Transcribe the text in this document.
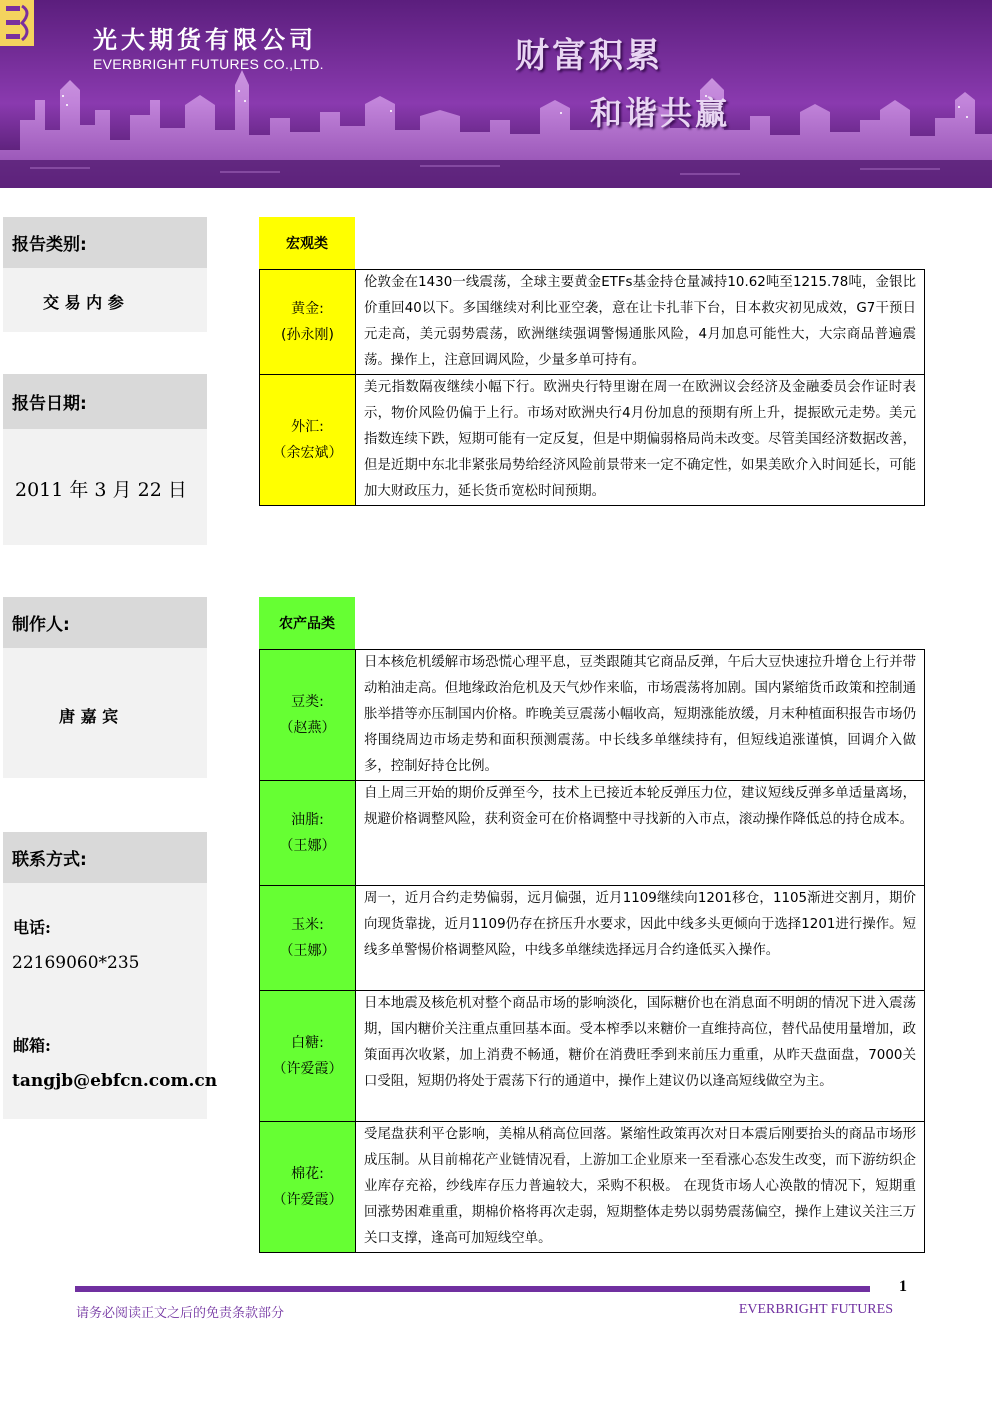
光大期货有限公司
EVERBRIGHT FUTURES CO.,LTD.	财富积累
和谐共赢
报告类别:
交 易 内 参
报告日期:
2011 年 3 月 22 日
制作人:
唐 嘉 宾
联系方式:
电话:
22169060*235
邮箱:
tangjb@ebfcn.com.cn
宏观类
黄金:
(孙永刚)	伦敦金在1430一线震荡，全球主要黄金ETFs基金持仓量减持10.62吨至1215.78吨，金银比价重回40以下。多国继续对利比亚空袭，意在让卡扎菲下台，日本救灾初见成效，G7干预日元走高，美元弱势震荡，欧洲继续强调警惕通胀风险，4月加息可能性大，大宗商品普遍震荡。操作上，注意回调风险，少量多单可持有。

外汇:
（余宏斌）	美元指数隔夜继续小幅下行。欧洲央行特里谢在周一在欧洲议会经济及金融委员会作证时表示，物价风险仍偏于上行。市场对欧洲央行4月份加息的预期有所上升，提振欧元走势。美元指数连续下跌，短期可能有一定反复，但是中期偏弱格局尚未改变。尽管美国经济数据改善，但是近期中东北非紧张局势给经济风险前景带来一定不确定性，如果美欧介入时间延长，可能加大财政压力，延长货币宽松时间预期。
农产品类
豆类:
（赵燕）	日本核危机缓解市场恐慌心理平息，豆类跟随其它商品反弹，午后大豆快速拉升增仓上行并带动粕油走高。但地缘政治危机及天气炒作来临，市场震荡将加剧。国内紧缩货币政策和控制通胀举措等亦压制国内价格。昨晚美豆震荡小幅收高，短期涨能放缓，月末种植面积报告市场仍将围绕周边市场走势和面积预测震荡。中长线多单继续持有，但短线追涨谨慎，回调介入做多，控制好持仓比例。

油脂:
（王娜）	自上周三开始的期价反弹至今，技术上已接近本轮反弹压力位，建议短线反弹多单适量离场，规避价格调整风险，获利资金可在价格调整中寻找新的入市点，滚动操作降低总的持仓成本。

玉米:
（王娜）	周一，近月合约走势偏弱，远月偏强，近月1109继续向1201移仓，1105渐进交割月，期价向现货靠拢，近月1109仍存在挤压升水要求，因此中线多头更倾向于选择1201进行操作。短线多单警惕价格调整风险，中线多单继续选择远月合约逢低买入操作。

白糖:
（许爱霞）	日本地震及核危机对整个商品市场的影响淡化，国际糖价也在消息面不明朗的情况下进入震荡期，国内糖价关注重点重回基本面。受本榨季以来糖价一直维持高位，替代品使用量增加，政策面再次收紧，加上消费不畅通，糖价在消费旺季到来前压力重重，从昨天盘面盘，7000关口受阻，短期仍将处于震荡下行的通道中，操作上建议仍以逢高短线做空为主。

棉花:
（许爱霞）	受尾盘获利平仓影响，美棉从稍高位回落。紧缩性政策再次对日本震后刚要抬头的商品市场形成压制。从目前棉花产业链情况看，上游加工企业原来一至看涨心态发生改变，而下游纺织企业库存充裕，纱线库存压力普遍较大，采购不积极。 在现货市场人心涣散的情况下，短期重回涨势困难重重，期棉价格将再次走弱，短期整体走势以弱势震荡偏空，操作上建议关注三万关口支撑，逢高可加短线空单。
1
请务必阅读正文之后的免责条款部分	EVERBRIGHT FUTURES
